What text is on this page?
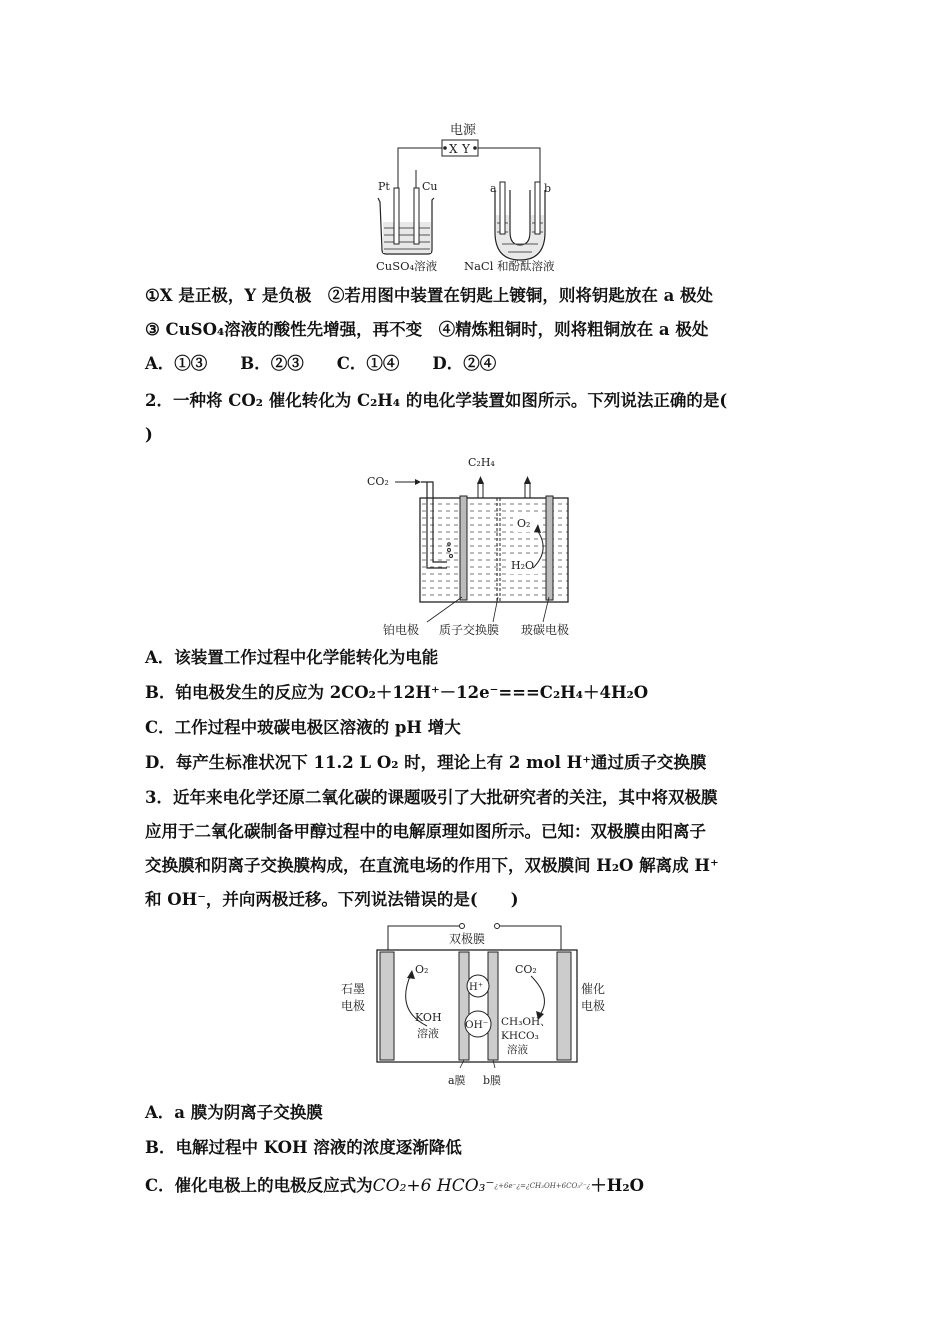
电源
X Y
Pt	Cu	a	b
CuSO₄溶液 NaCl 和酚酞溶液
①X 是正极，Y 是负极　②若用图中装置在钥匙上镀铜，则将钥匙放在 a 极处
③ CuSO₄溶液的酸性先增强，再不变　④精炼粗铜时，则将粗铜放在 a 极处
A．①③　　B．②③　　C．①④　　D．②④
2．一种将 CO₂ 催化转化为 C₂H₄ 的电化学装置如图所示。下列说法正确的是(
)
C₂H₄
CO₂
O₂
H₂O
铂电极 质子交换膜 玻碳电极
A．该装置工作过程中化学能转化为电能
B．铂电极发生的反应为 2CO₂＋12H⁺－12e⁻===C₂H₄＋4H₂O
C．工作过程中玻碳电极区溶液的 pH 增大
D．每产生标准状况下 11.2 L O₂ 时，理论上有 2 mol H⁺通过质子交换膜
3．近年来电化学还原二氧化碳的课题吸引了大批研究者的关注，其中将双极膜
应用于二氧化碳制备甲醇过程中的电解原理如图所示。已知：双极膜由阳离子
交换膜和阴离子交换膜构成，在直流电场的作用下，双极膜间 H₂O 解离成 H⁺
和 OH⁻，并向两极迁移。下列说法错误的是(　　)
双极膜
H⁺
OH⁻
石墨
电极
催化
电极
O₂
KOH
溶液
CO₂
CH₃OH、
KHCO₃
溶液
a膜 b膜
A．a 膜为阴离子交换膜
B．电解过程中 KOH 溶液的浓度逐渐降低
C．催化电极上的电极反应式为CO₂+6 HCO₃⁻$^{¿+6e^-¿=¿CH_3OH+6CO_3^{2-}¿}$＋H₂O
